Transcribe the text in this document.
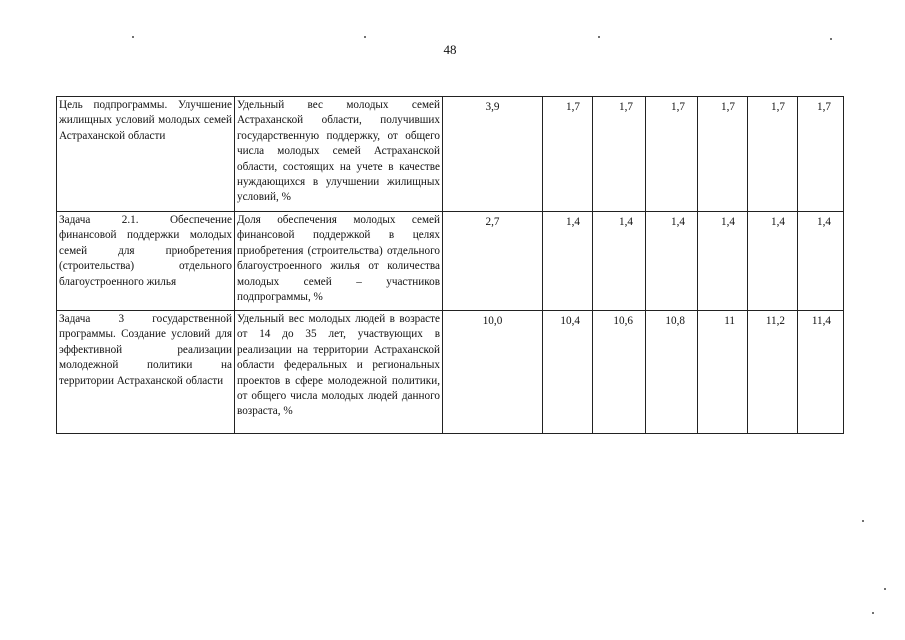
48
Цель подпрограммы. Улучшение жилищных условий молодых семей Астраханской области	Удельный вес молодых семей Астраханской области, получивших государственную поддержку, от общего числа молодых семей Астраханской области, состоящих на учете в качестве нуждающихся в улучшении жилищных условий, %	3,9	1,7	1,7	1,7	1,7	1,7	1,7
Задача 2.1. Обеспечение финансовой поддержки молодых семей для приобретения (строительства) отдельного благоустроенного жилья	Доля обеспечения молодых семей финансовой поддержкой в целях приобретения (строительства) отдельного благоустроенного жилья от количества молодых семей – участников подпрограммы, %	2,7	1,4	1,4	1,4	1,4	1,4	1,4
Задача 3 государственной программы. Создание условий для эффективной реализации молодежной политики на территории Астраханской области	Удельный вес молодых людей в возрасте от 14 до 35 лет, участвующих в реализации на территории Астраханской области федеральных и региональных проектов в сфере молодежной политики, от общего числа молодых людей данного возраста, %	10,0	10,4	10,6	10,8	11	11,2	11,4
